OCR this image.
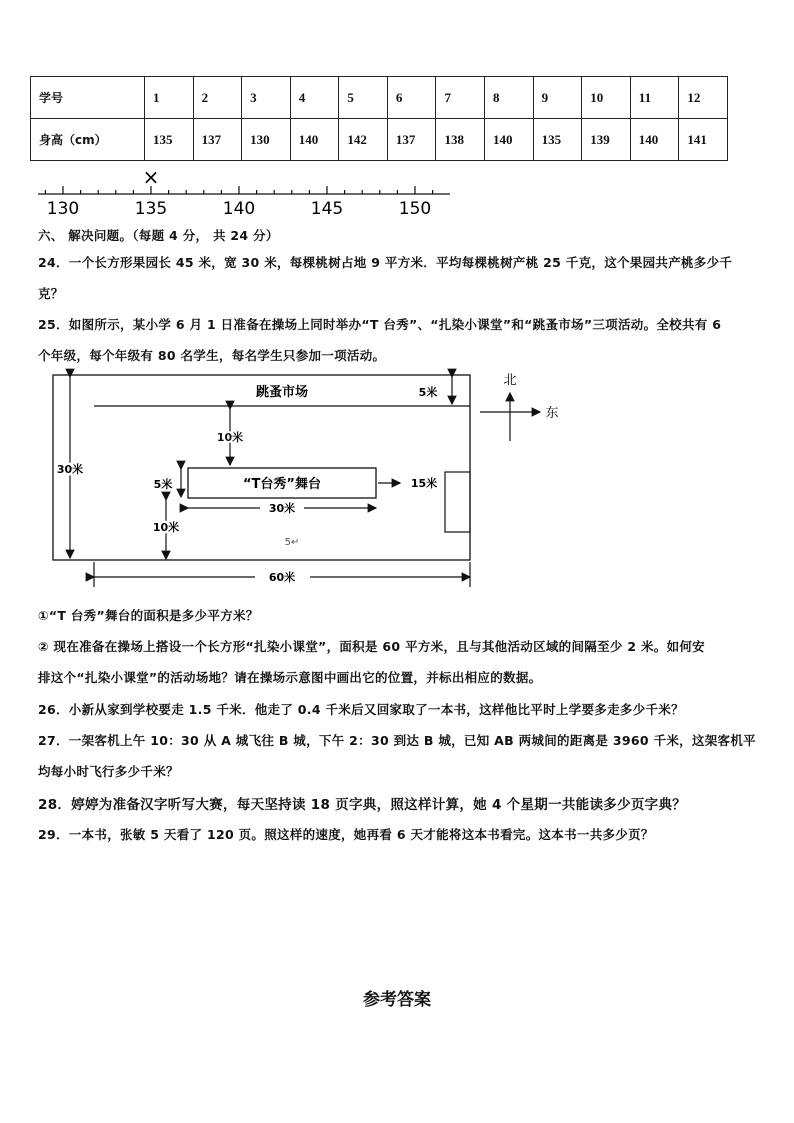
学号	1	2	3	4	5	6	7	8	9	10	11	12
身高（cm）	135	137	130	140	142	137	138	140	135	139	140	141
×
130	135	140	145	150
六、 解决问题。（每题 4 分， 共 24 分）
24．一个长方形果园长 45 米，宽 30 米，每棵桃树占地 9 平方米．平均每棵桃树产桃 25 千克，这个果园共产桃多少千
克？
25．如图所示，某小学 6 月 1 日准备在操场上同时举办“T 台秀”、“扎染小课堂”和“跳蚤市场”三项活动。全校共有 6
个年级，每个年级有 80 名学生，每名学生只参加一项活动。
跳蚤市场	5米
10米
30米
“T台秀”舞台
5米	15米
30米
10米
5↵
60米
北
东
①“T 台秀”舞台的面积是多少平方米？
② 现在准备在操场上搭设一个长方形“扎染小课堂”，面积是 60 平方米，且与其他活动区域的间隔至少 2 米。如何安
排这个“扎染小课堂”的活动场地？请在操场示意图中画出它的位置，并标出相应的数据。
26．小新从家到学校要走 1.5 千米．他走了 0.4 千米后又回家取了一本书，这样他比平时上学要多走多少千米？
27．一架客机上午 10：30 从 A 城飞往 B 城，下午 2：30 到达 B 城，已知 AB 两城间的距离是 3960 千米，这架客机平
均每小时飞行多少千米？
28．婷婷为准备汉字听写大赛，每天坚持读 18 页字典，照这样计算，她 4 个星期一共能读多少页字典？
29．一本书，张敏 5 天看了 120 页。照这样的速度，她再看 6 天才能将这本书看完。这本书一共多少页？
参考答案
